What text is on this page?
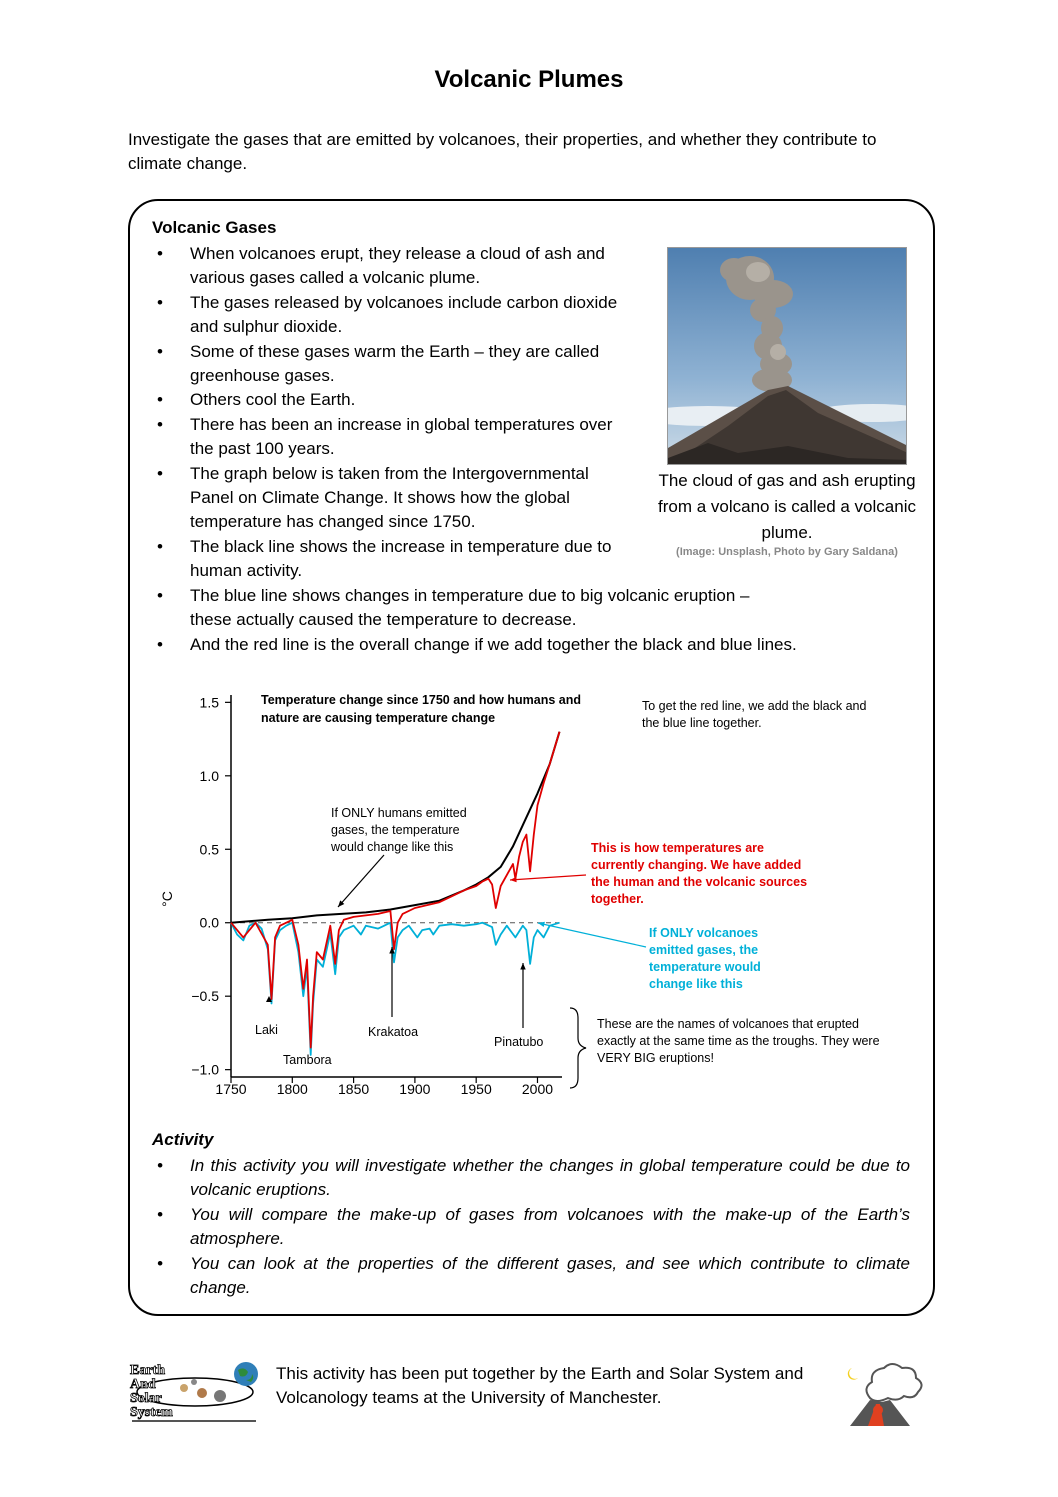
Volcanic Plumes
Investigate the gases that are emitted by volcanoes, their properties, and whether they contribute to climate change.
Volcanic Gases
• When volcanoes erupt, they release a cloud of ash and various gases called a volcanic plume.
• The gases released by volcanoes include carbon dioxide and sulphur dioxide.
• Some of these gases warm the Earth – they are called greenhouse gases.
• Others cool the Earth.
• There has been an increase in global temperatures over the past 100 years.
• The graph below is taken from the Intergovernmental Panel on Climate Change. It shows how the global temperature has changed since 1750.
• The black line shows the increase in temperature due to human activity.
• The blue line shows changes in temperature due to big volcanic eruption – these actually caused the temperature to decrease.
• And the red line is the overall change if we add together the black and blue lines.
The cloud of gas and ash erupting from a volcano is called a volcanic plume.
(Image: Unsplash, Photo by Gary Saldana)
1.5
1.0
0.5
0.0
−0.5
−1.0
1750 1800 1850 1900 1950 2000
°C
Temperature change since 1750 and how humans and
nature are causing temperature change
To get the red line, we add the black and
the blue line together.
If ONLY humans emitted
gases, the temperature
would change like this	This is how temperatures are
currently changing. We have added
the human and the volcanic sources
together.
If ONLY volcanoes
emitted gases, the
temperature would
change like this
These are the names of volcanoes that erupted
exactly at the same time as the troughs. They were
VERY BIG eruptions!
Laki
Tambora
Krakatoa
Pinatubo
Activity
• In this activity you will investigate whether the changes in global temperature could be due to volcanic eruptions.
• You will compare the make-up of gases from volcanoes with the make-up of the Earth’s atmosphere.
• You can look at the properties of the different gases, and see which contribute to climate change.
Earth
And
Solar
System
This activity has been put together by the Earth and Solar System and Volcanology teams at the University of Manchester.
